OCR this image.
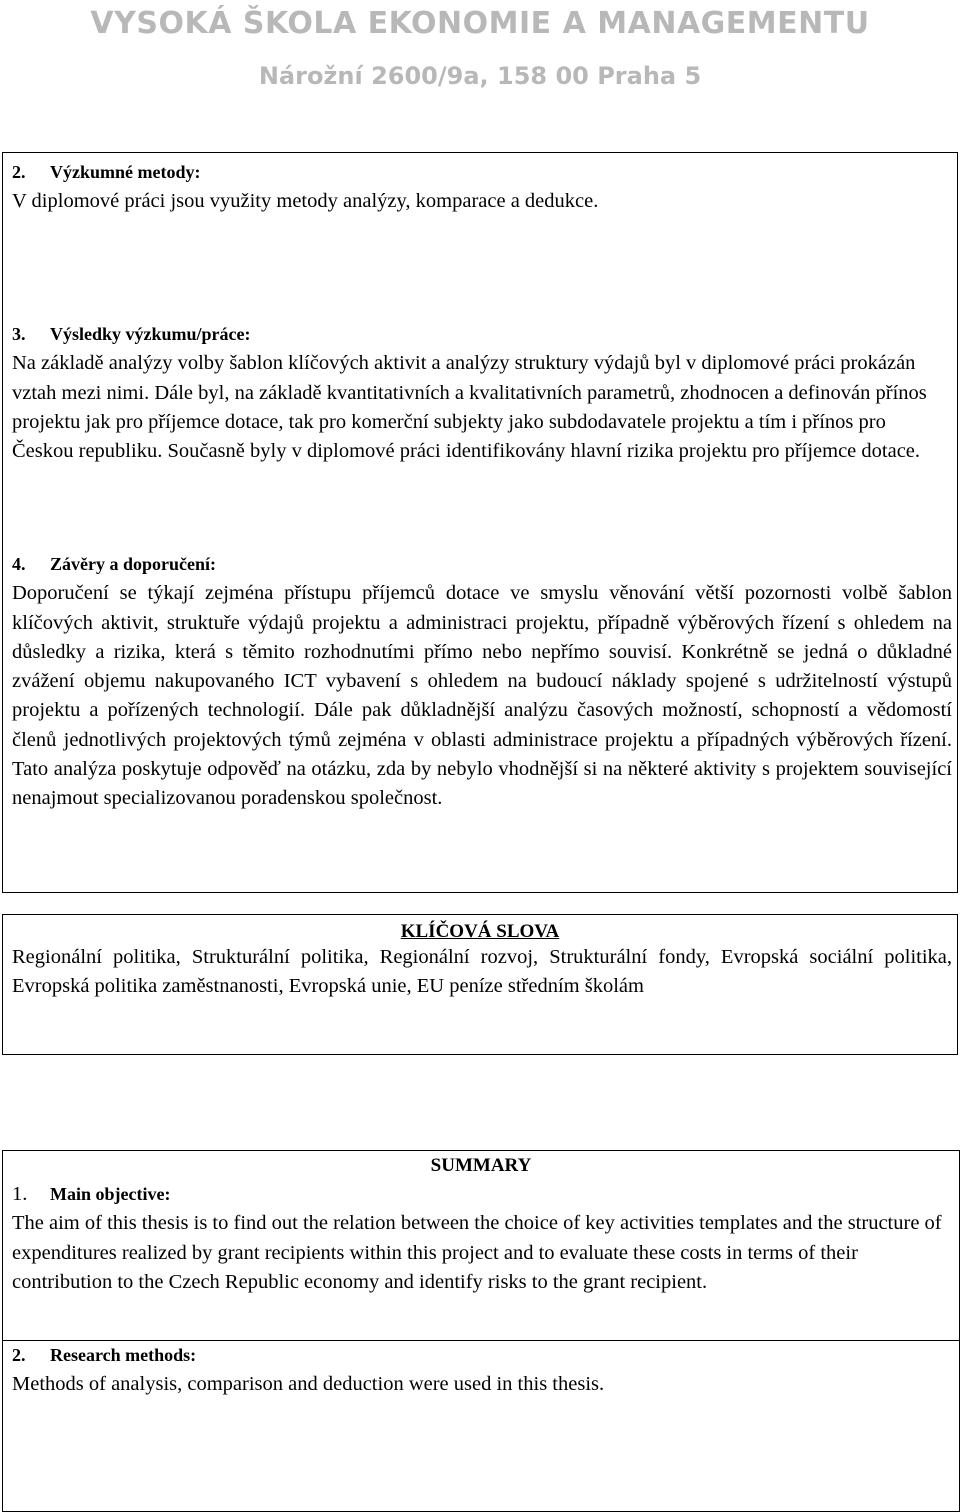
VYSOKÁ ŠKOLA EKONOMIE A MANAGEMENTU
Nárožní 2600/9a, 158 00 Praha 5
2. Výzkumné metody:
V diplomové práci jsou využity metody analýzy, komparace a dedukce.
3. Výsledky výzkumu/práce:
Na základě analýzy volby šablon klíčových aktivit a analýzy struktury výdajů byl v diplomové práci prokázán vztah mezi nimi. Dále byl, na základě kvantitativních a kvalitativních parametrů, zhodnocen a definován přínos projektu jak pro příjemce dotace, tak pro komerční subjekty jako subdodavatele projektu a tím i přínos pro Českou republiku. Současně byly v diplomové práci identifikovány hlavní rizika projektu pro příjemce dotace.
4. Závěry a doporučení:
Doporučení se týkají zejména přístupu příjemců dotace ve smyslu věnování větší pozornosti volbě šablon klíčových aktivit, struktuře výdajů projektu a administraci projektu, případně výběrových řízení s ohledem na důsledky a rizika, která s těmito rozhodnutími přímo nebo nepřímo souvisí. Konkrétně se jedná o důkladné zvážení objemu nakupovaného ICT vybavení s ohledem na budoucí náklady spojené s udržitelností výstupů projektu a pořízených technologií. Dále pak důkladnější analýzu časových možností, schopností a vědomostí členů jednotlivých projektových týmů zejména v oblasti administrace projektu a případných výběrových řízení. Tato analýza poskytuje odpověď na otázku, zda by nebylo vhodnější si na některé aktivity s projektem související nenajmout specializovanou poradenskou společnost.
KLÍČOVÁ SLOVA
Regionální politika, Strukturální politika, Regionální rozvoj, Strukturální fondy, Evropská sociální politika, Evropská politika zaměstnanosti, Evropská unie, EU peníze středním školám
SUMMARY
1. Main objective:
The aim of this thesis is to find out the relation between the choice of key activities templates and the structure of expenditures realized by grant recipients within this project and to evaluate these costs in terms of their contribution to the Czech Republic economy and identify risks to the grant recipient.
2. Research methods:
Methods of analysis, comparison and deduction were used in this thesis.
